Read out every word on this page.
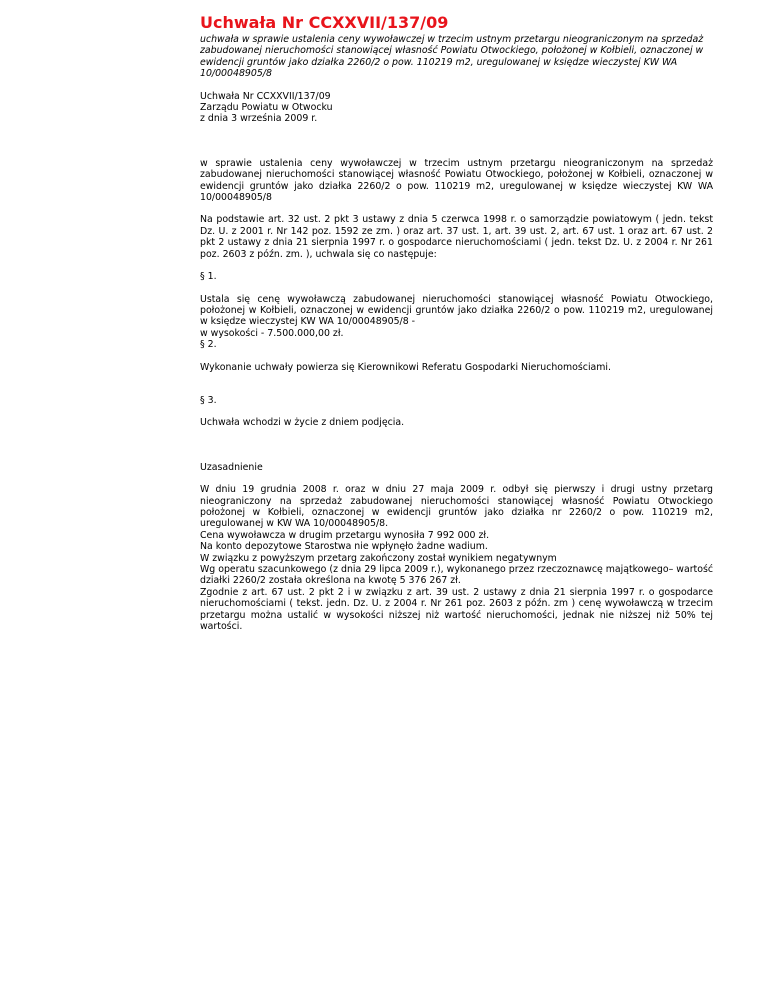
Uchwała Nr CCXXVII/137/09
uchwała w sprawie ustalenia ceny wywoławczej w trzecim ustnym przetargu nieograniczonym na sprzedaż zabudowanej nieruchomości stanowiącej własność Powiatu Otwockiego, położonej w Kołbieli, oznaczonej w ewidencji gruntów jako działka 2260/2 o pow. 110219 m2, uregulowanej w księdze wieczystej KW WA 10/00048905/8
Uchwała Nr CCXXVII/137/09
Zarządu Powiatu w Otwocku
z dnia 3 września 2009 r.

w sprawie ustalenia ceny wywoławczej w trzecim ustnym przetargu nieograniczonym na sprzedaż zabudowanej nieruchomości stanowiącej własność Powiatu Otwockiego, położonej w Kołbieli, oznaczonej w ewidencji gruntów jako działka 2260/2 o pow. 110219 m2, uregulowanej w księdze wieczystej KW WA 10/00048905/8

Na podstawie art. 32 ust. 2 pkt 3 ustawy z dnia 5 czerwca 1998 r. o samorządzie powiatowym ( jedn. tekst Dz. U. z 2001 r. Nr 142 poz. 1592 ze zm. ) oraz art. 37 ust. 1, art. 39 ust. 2, art. 67 ust. 1 oraz art. 67 ust. 2 pkt 2 ustawy z dnia 21 sierpnia 1997 r. o gospodarce nieruchomościami ( jedn. tekst Dz. U. z 2004 r. Nr 261 poz. 2603 z późn. zm. ), uchwala się co następuje:

§ 1.

Ustala się cenę wywoławczą zabudowanej nieruchomości stanowiącej własność Powiatu Otwockiego, położonej w Kołbieli, oznaczonej w ewidencji gruntów jako działka 2260/2 o pow. 110219 m2, uregulowanej w księdze wieczystej KW WA 10/00048905/8 -
w wysokości - 7.500.000,00 zł.
§ 2.

Wykonanie uchwały powierza się Kierownikowi Referatu Gospodarki Nieruchomościami.

§ 3.

Uchwała wchodzi w życie z dniem podjęcia.

Uzasadnienie

W dniu 19 grudnia 2008 r. oraz w dniu 27 maja 2009 r. odbył się pierwszy i drugi ustny przetarg nieograniczony na sprzedaż zabudowanej nieruchomości stanowiącej własność Powiatu Otwockiego położonej w Kołbieli, oznaczonej w ewidencji gruntów jako działka nr 2260/2 o pow. 110219 m2, uregulowanej w KW WA 10/00048905/8.
Cena wywoławcza w drugim przetargu wynosiła 7 992 000 zł.
Na konto depozytowe Starostwa nie wpłynęło żadne wadium.
W związku z powyższym przetarg zakończony został wynikiem negatywnym
Wg operatu szacunkowego (z dnia 29 lipca 2009 r.), wykonanego przez rzeczoznawcę majątkowego– wartość działki 2260/2 została określona na kwotę 5 376 267 zł.
Zgodnie z art. 67 ust. 2 pkt 2 i w związku z art. 39 ust. 2 ustawy z dnia 21 sierpnia 1997 r. o gospodarce nieruchomościami ( tekst. jedn. Dz. U. z 2004 r. Nr 261 poz. 2603 z późn. zm ) cenę wywoławczą w trzecim przetargu można ustalić w wysokości niższej niż wartość nieruchomości, jednak nie niższej niż 50% tej wartości.
